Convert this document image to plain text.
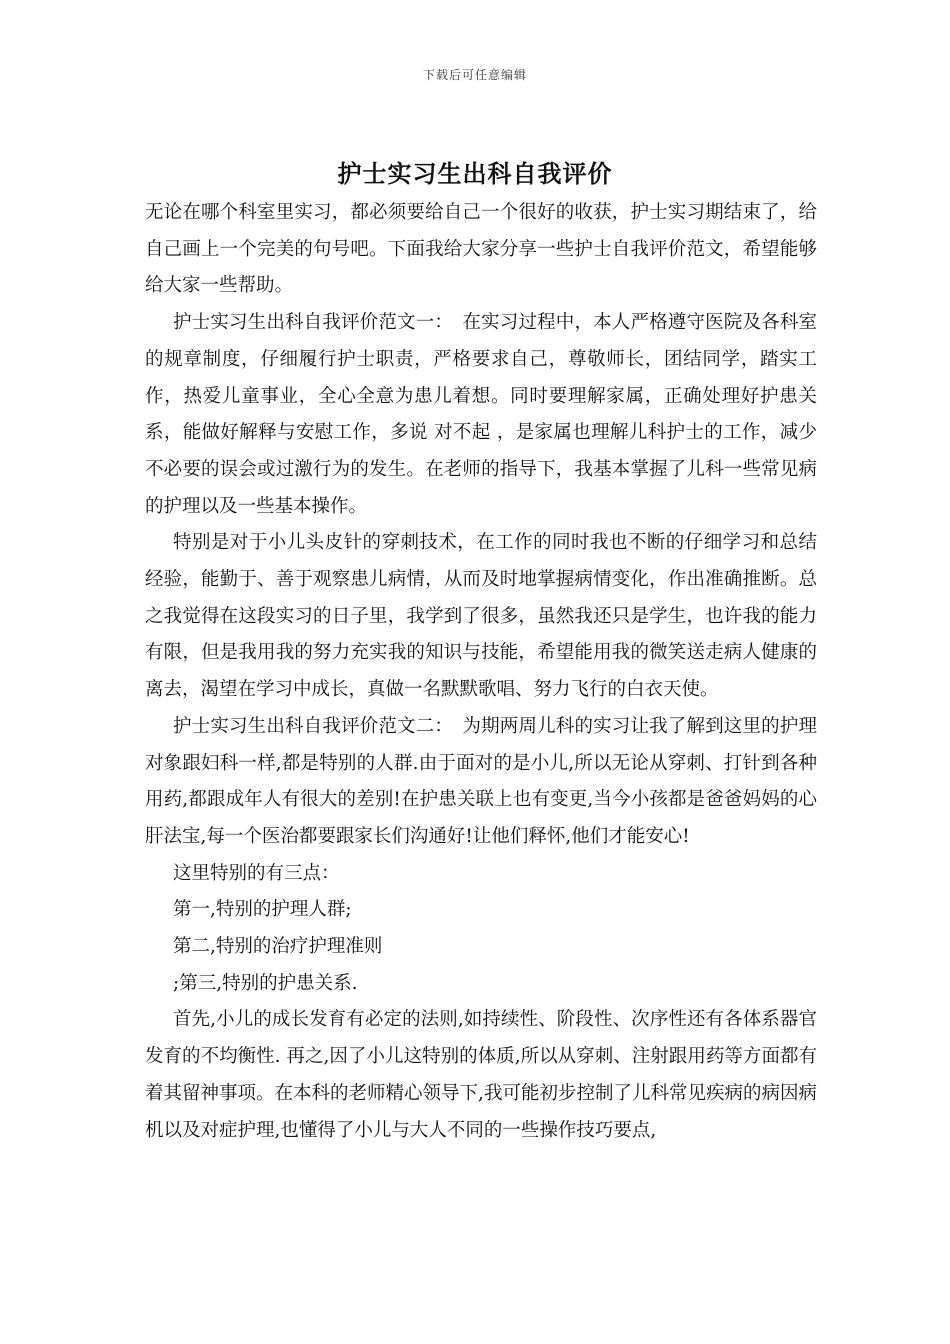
下载后可任意编辑
护士实习生出科自我评价

无论在哪个科室里实习，都必须要给自己一个很好的收获，护士实习期结束了，给自己画上一个完美的句号吧。下面我给大家分享一些护士自我评价范文，希望能够给大家一些帮助。

护士实习生出科自我评价范文一：　在实习过程中，本人严格遵守医院及各科室的规章制度，仔细履行护士职责，严格要求自己，尊敬师长，团结同学，踏实工作，热爱儿童事业，全心全意为患儿着想。同时要理解家属，正确处理好护患关系，能做好解释与安慰工作，多说 对不起 ，是家属也理解儿科护士的工作，减少不必要的误会或过激行为的发生。在老师的指导下，我基本掌握了儿科一些常见病的护理以及一些基本操作。

特别是对于小儿头皮针的穿刺技术，在工作的同时我也不断的仔细学习和总结经验，能勤于、善于观察患儿病情，从而及时地掌握病情变化，作出准确推断。总之我觉得在这段实习的日子里，我学到了很多，虽然我还只是学生，也许我的能力有限，但是我用我的努力充实我的知识与技能，希望能用我的微笑送走病人健康的离去，渴望在学习中成长，真做一名默默歌唱、努力飞行的白衣天使。

护士实习生出科自我评价范文二：　为期两周儿科的实习让我了解到这里的护理对象跟妇科一样,都是特别的人群.由于面对的是小儿,所以无论从穿刺、打针到各种用药,都跟成年人有很大的差别!在护患关联上也有变更,当今小孩都是爸爸妈妈的心肝法宝,每一个医治都要跟家长们沟通好!让他们释怀,他们才能安心!

这里特别的有三点：

第一,特别的护理人群;

第二,特别的治疗护理准则

;第三,特别的护患关系.

首先,小儿的成长发育有必定的法则,如持续性、阶段性、次序性还有各体系器官发育的不均衡性. 再之,因了小儿这特别的体质,所以从穿刺、注射跟用药等方面都有着其留神事项。在本科的老师精心领导下,我可能初步控制了儿科常见疾病的病因病机以及对症护理,也懂得了小儿与大人不同的一些操作技巧要点,
